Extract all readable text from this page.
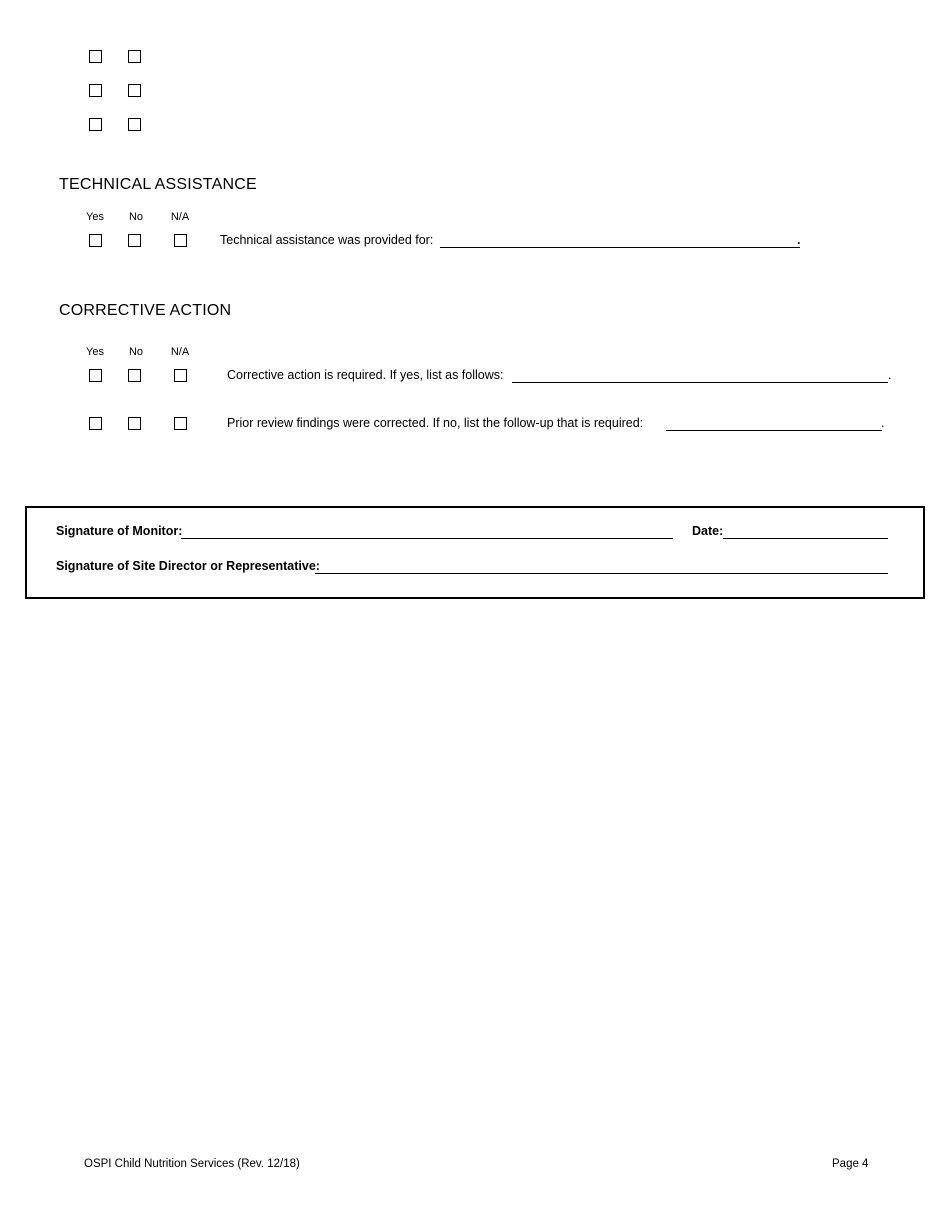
TECHNICAL ASSISTANCE
Yes	No	N/A
Technical assistance was provided for:	.
CORRECTIVE ACTION
Yes	No	N/A
Corrective action is required. If yes, list as follows:	.
Prior review findings were corrected. If no, list the follow-up that is required:	.
Signature of Monitor:	Date:
Signature of Site Director or Representative:
OSPI Child Nutrition Services (Rev. 12/18)	Page 4
